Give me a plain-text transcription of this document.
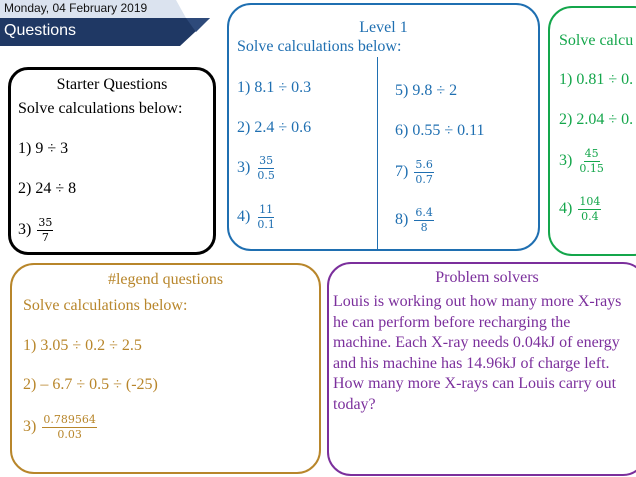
Monday, 04 February 2019
Questions
Starter Questions
Solve calculations below:
1) 9 ÷ 3
2) 24 ÷ 8
$3) \frac{35}{7}$
Level 1
Solve calculations below:
1) 8.1 ÷ 0.3
2) 2.4 ÷ 0.6
$3) \frac{35}{0.5}$
$4) \frac{11}{0.1}$
5) 9.8 ÷ 2
6) 0.55 ÷ 0.11
$7) \frac{5.6}{0.7}$
$8) \frac{6.4}{8}$
Solve calcu
1) 0.81 ÷ 0.
2) 2.04 ÷ 0.
$3) \frac{45}{0.15}$
$4) \frac{104}{0.4}$
#legend questions
Solve calculations below:
1) 3.05 ÷ 0.2 ÷ 2.5
2) – 6.7 ÷ 0.5 ÷ (-25)
$3) \frac{0.789564}{0.03}$
Problem solvers
Louis is working out how many more X-rays he can perform before recharging the machine. Each X-ray needs 0.04kJ of energy and his machine has 14.96kJ of charge left. How many more X-rays can Louis carry out today?
